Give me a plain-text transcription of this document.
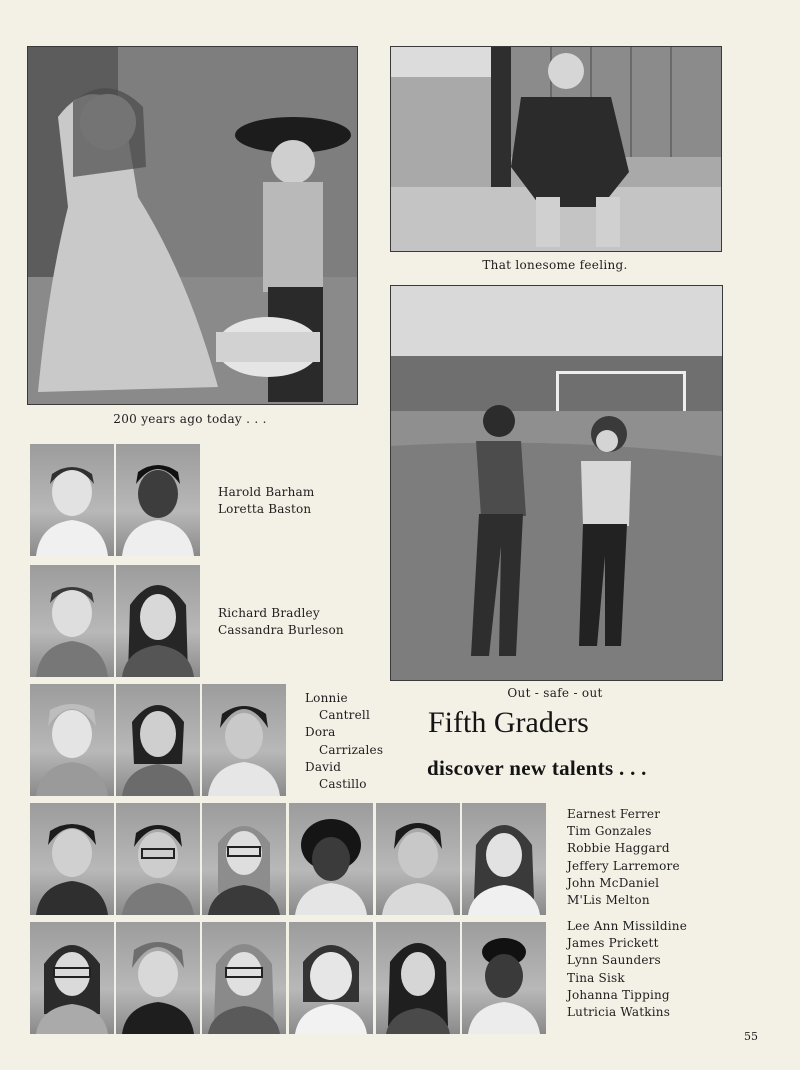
200 years ago today . . .
That lonesome feeling.
Out - safe - out
Fifth Graders
discover new talents . . .
Harold Barham
Loretta Baston
Richard Bradley
Cassandra Burleson
Lonnie
Cantrell
Dora
Carrizales
David
Castillo
Earnest Ferrer
Tim Gonzales
Robbie Haggard
Jeffery Larremore
John McDaniel
M'Lis Melton
Lee Ann Missildine
James Prickett
Lynn Saunders
Tina Sisk
Johanna Tipping
Lutricia Watkins
55
